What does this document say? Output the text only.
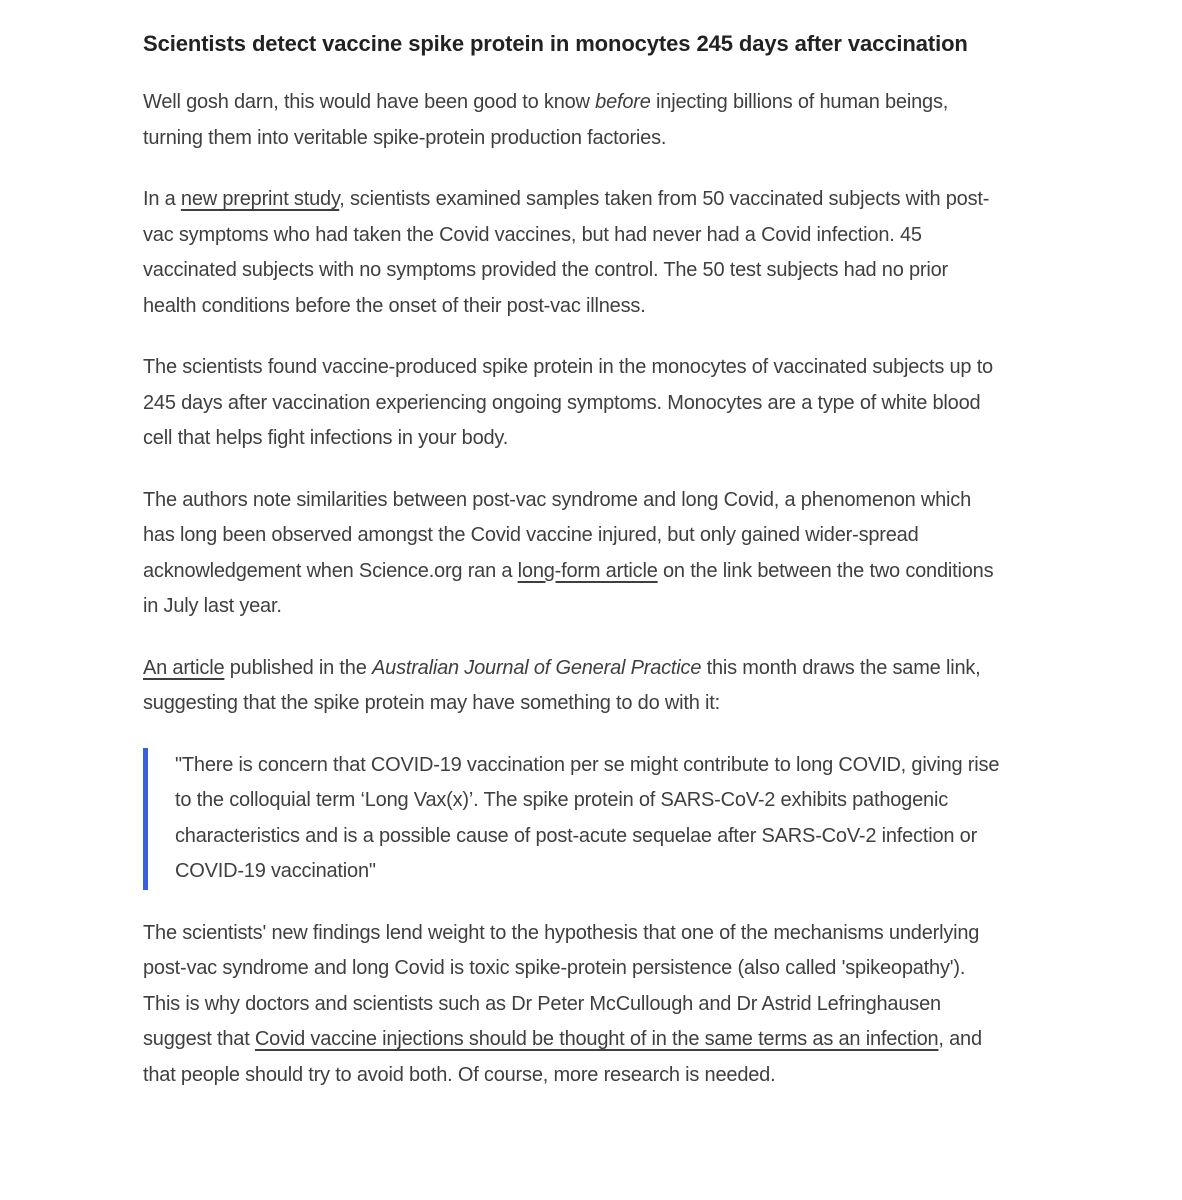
Scientists detect vaccine spike protein in monocytes 245 days after vaccination

Well gosh darn, this would have been good to know before injecting billions of human beings, turning them into veritable spike-protein production factories.

In a new preprint study, scientists examined samples taken from 50 vaccinated subjects with post-vac symptoms who had taken the Covid vaccines, but had never had a Covid infection. 45 vaccinated subjects with no symptoms provided the control. The 50 test subjects had no prior health conditions before the onset of their post-vac illness.

The scientists found vaccine-produced spike protein in the monocytes of vaccinated subjects up to 245 days after vaccination experiencing ongoing symptoms. Monocytes are a type of white blood cell that helps fight infections in your body.

The authors note similarities between post-vac syndrome and long Covid, a phenomenon which has long been observed amongst the Covid vaccine injured, but only gained wider-spread acknowledgement when Science.org ran a long-form article on the link between the two conditions in July last year.

An article published in the Australian Journal of General Practice this month draws the same link, suggesting that the spike protein may have something to do with it:

"There is concern that COVID-19 vaccination per se might contribute to long COVID, giving rise to the colloquial term ‘Long Vax(x)’. The spike protein of SARS-CoV-2 exhibits pathogenic characteristics and is a possible cause of post-acute sequelae after SARS-CoV-2 infection or COVID-19 vaccination"

The scientists' new findings lend weight to the hypothesis that one of the mechanisms underlying post-vac syndrome and long Covid is toxic spike-protein persistence (also called 'spikeopathy'). This is why doctors and scientists such as Dr Peter McCullough and Dr Astrid Lefringhausen suggest that Covid vaccine injections should be thought of in the same terms as an infection, and that people should try to avoid both. Of course, more research is needed.
